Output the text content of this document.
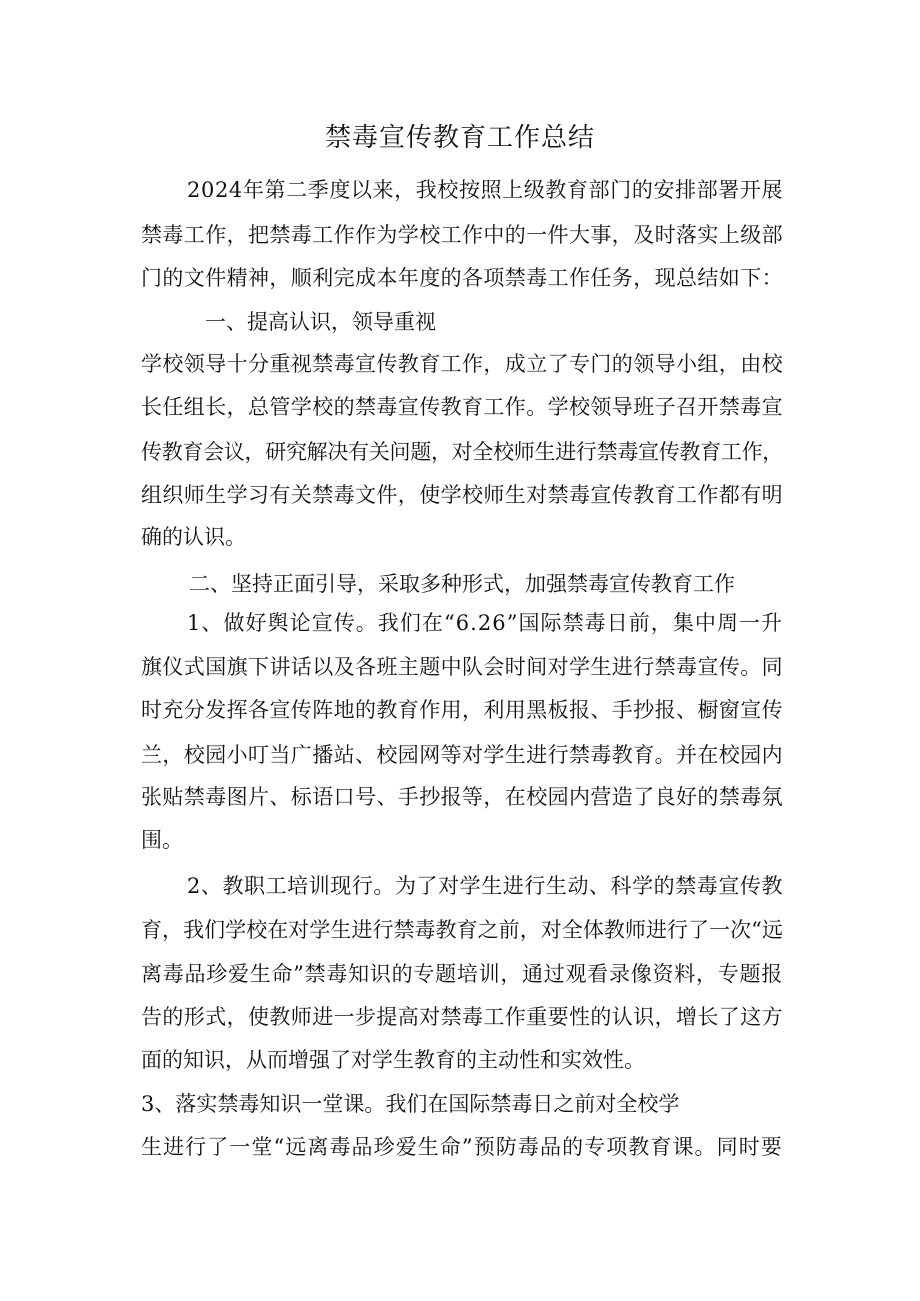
禁毒宣传教育工作总结
2024年第二季度以来，我校按照上级教育部门的安排部署开展
禁毒工作，把禁毒工作作为学校工作中的一件大事，及时落实上级部
门的文件精神，顺利完成本年度的各项禁毒工作任务，现总结如下：
一、提高认识，领导重视
学校领导十分重视禁毒宣传教育工作，成立了专门的领导小组，由校
长任组长，总管学校的禁毒宣传教育工作。学校领导班子召开禁毒宣
传教育会议，研究解决有关问题，对全校师生进行禁毒宣传教育工作，
组织师生学习有关禁毒文件，使学校师生对禁毒宣传教育工作都有明
确的认识。
二、坚持正面引导，采取多种形式，加强禁毒宣传教育工作
1、做好舆论宣传。我们在“6.26”国际禁毒日前，集中周一升
旗仪式国旗下讲话以及各班主题中队会时间对学生进行禁毒宣传。同
时充分发挥各宣传阵地的教育作用，利用黑板报、手抄报、橱窗宣传
兰，校园小叮当广播站、校园网等对学生进行禁毒教育。并在校园内
张贴禁毒图片、标语口号、手抄报等，在校园内营造了良好的禁毒氛
围。
2、教职工培训现行。为了对学生进行生动、科学的禁毒宣传教
育，我们学校在对学生进行禁毒教育之前，对全体教师进行了一次“远
离毒品珍爱生命”禁毒知识的专题培训，通过观看录像资料，专题报
告的形式，使教师进一步提高对禁毒工作重要性的认识，增长了这方
面的知识，从而增强了对学生教育的主动性和实效性。
3、落实禁毒知识一堂课。我们在国际禁毒日之前对全校学
生进行了一堂“远离毒品珍爱生命”预防毒品的专项教育课。同时要
